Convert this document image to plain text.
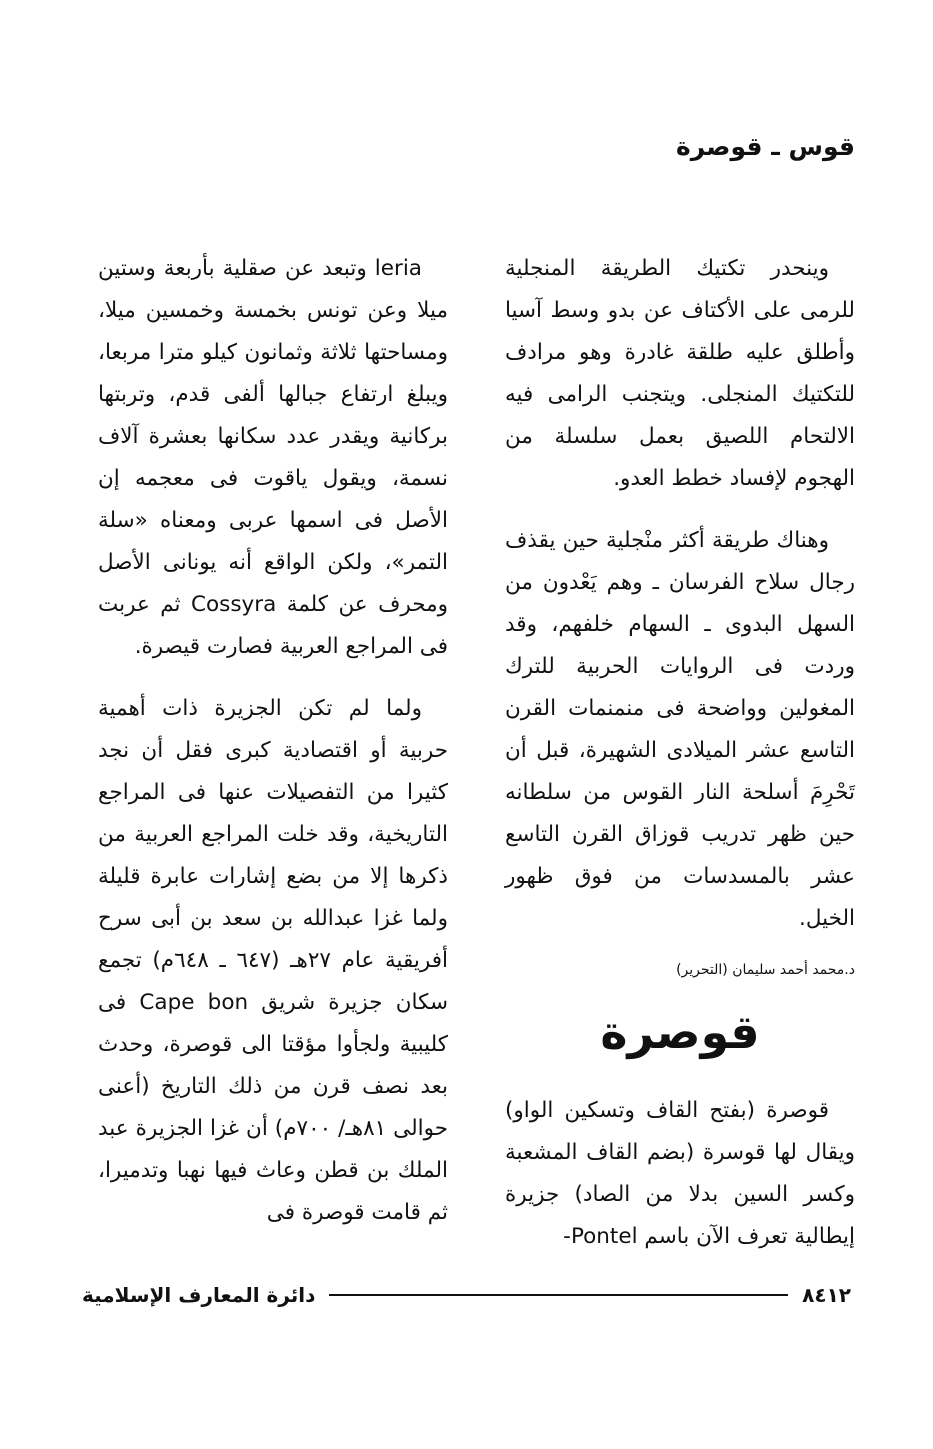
قوس ـ قوصرة

وينحدر تكتيك الطريقة المنجلية للرمى على الأكتاف عن بدو وسط آسيا وأطلق عليه طلقة غادرة وهو مرادف للتكتيك المنجلى. ويتجنب الرامى فيه الالتحام اللصيق بعمل سلسلة من الهجوم لإفساد خطط العدو.

وهناك طريقة أكثر منْجلية حين يقذف رجال سلاح الفرسان ـ وهم يَعْدون من السهل البدوى ـ السهام خلفهم، وقد وردت فى الروايات الحربية للترك المغولين وواضحة فى منمنمات القرن التاسع عشر الميلادى الشهيرة، قبل أن تَحْرِمَ أسلحة النار القوس من سلطانه حين ظهر تدريب قوزاق القرن التاسع عشر بالمسدسات من فوق ظهور الخيل.

د.محمد أحمد سليمان (التحرير)
قوصرة

قوصرة (بفتح القاف وتسكين الواو) ويقال لها قوسرة (بضم القاف المشعبة وكسر السين بدلا من الصاد) جزيرة إيطالية تعرف الآن باسم Pontel-

leria وتبعد عن صقلية بأربعة وستين ميلا وعن تونس بخمسة وخمسين ميلا، ومساحتها ثلاثة وثمانون كيلو مترا مربعا، ويبلغ ارتفاع جبالها ألفى قدم، وتربتها بركانية ويقدر عدد سكانها بعشرة آلاف نسمة، ويقول ياقوت فى معجمه إن الأصل فى اسمها عربى ومعناه «سلة التمر»، ولكن الواقع أنه يونانى الأصل ومحرف عن كلمة Cossyra ثم عربت فى المراجع العربية فصارت قيصرة.

ولما لم تكن الجزيرة ذات أهمية حربية أو اقتصادية كبرى فقل أن نجد كثيرا من التفصيلات عنها فى المراجع التاريخية، وقد خلت المراجع العربية من ذكرها إلا من بضع إشارات عابرة قليلة ولما غزا عبدالله بن سعد بن أبى سرح أفريقية عام ٢٧هـ (٦٤٧ ـ ٦٤٨م) تجمع سكان جزيرة شريق Cape bon فى كليبية ولجأوا مؤقتا الى قوصرة، وحدث بعد نصف قرن من ذلك التاريخ (أعنى حوالى ٨١هـ/ ٧٠٠م) أن غزا الجزيرة عبد الملك بن قطن وعاث فيها نهبا وتدميرا، ثم قامت قوصرة فى

٨٤١٢
دائرة المعارف الإسلامية
